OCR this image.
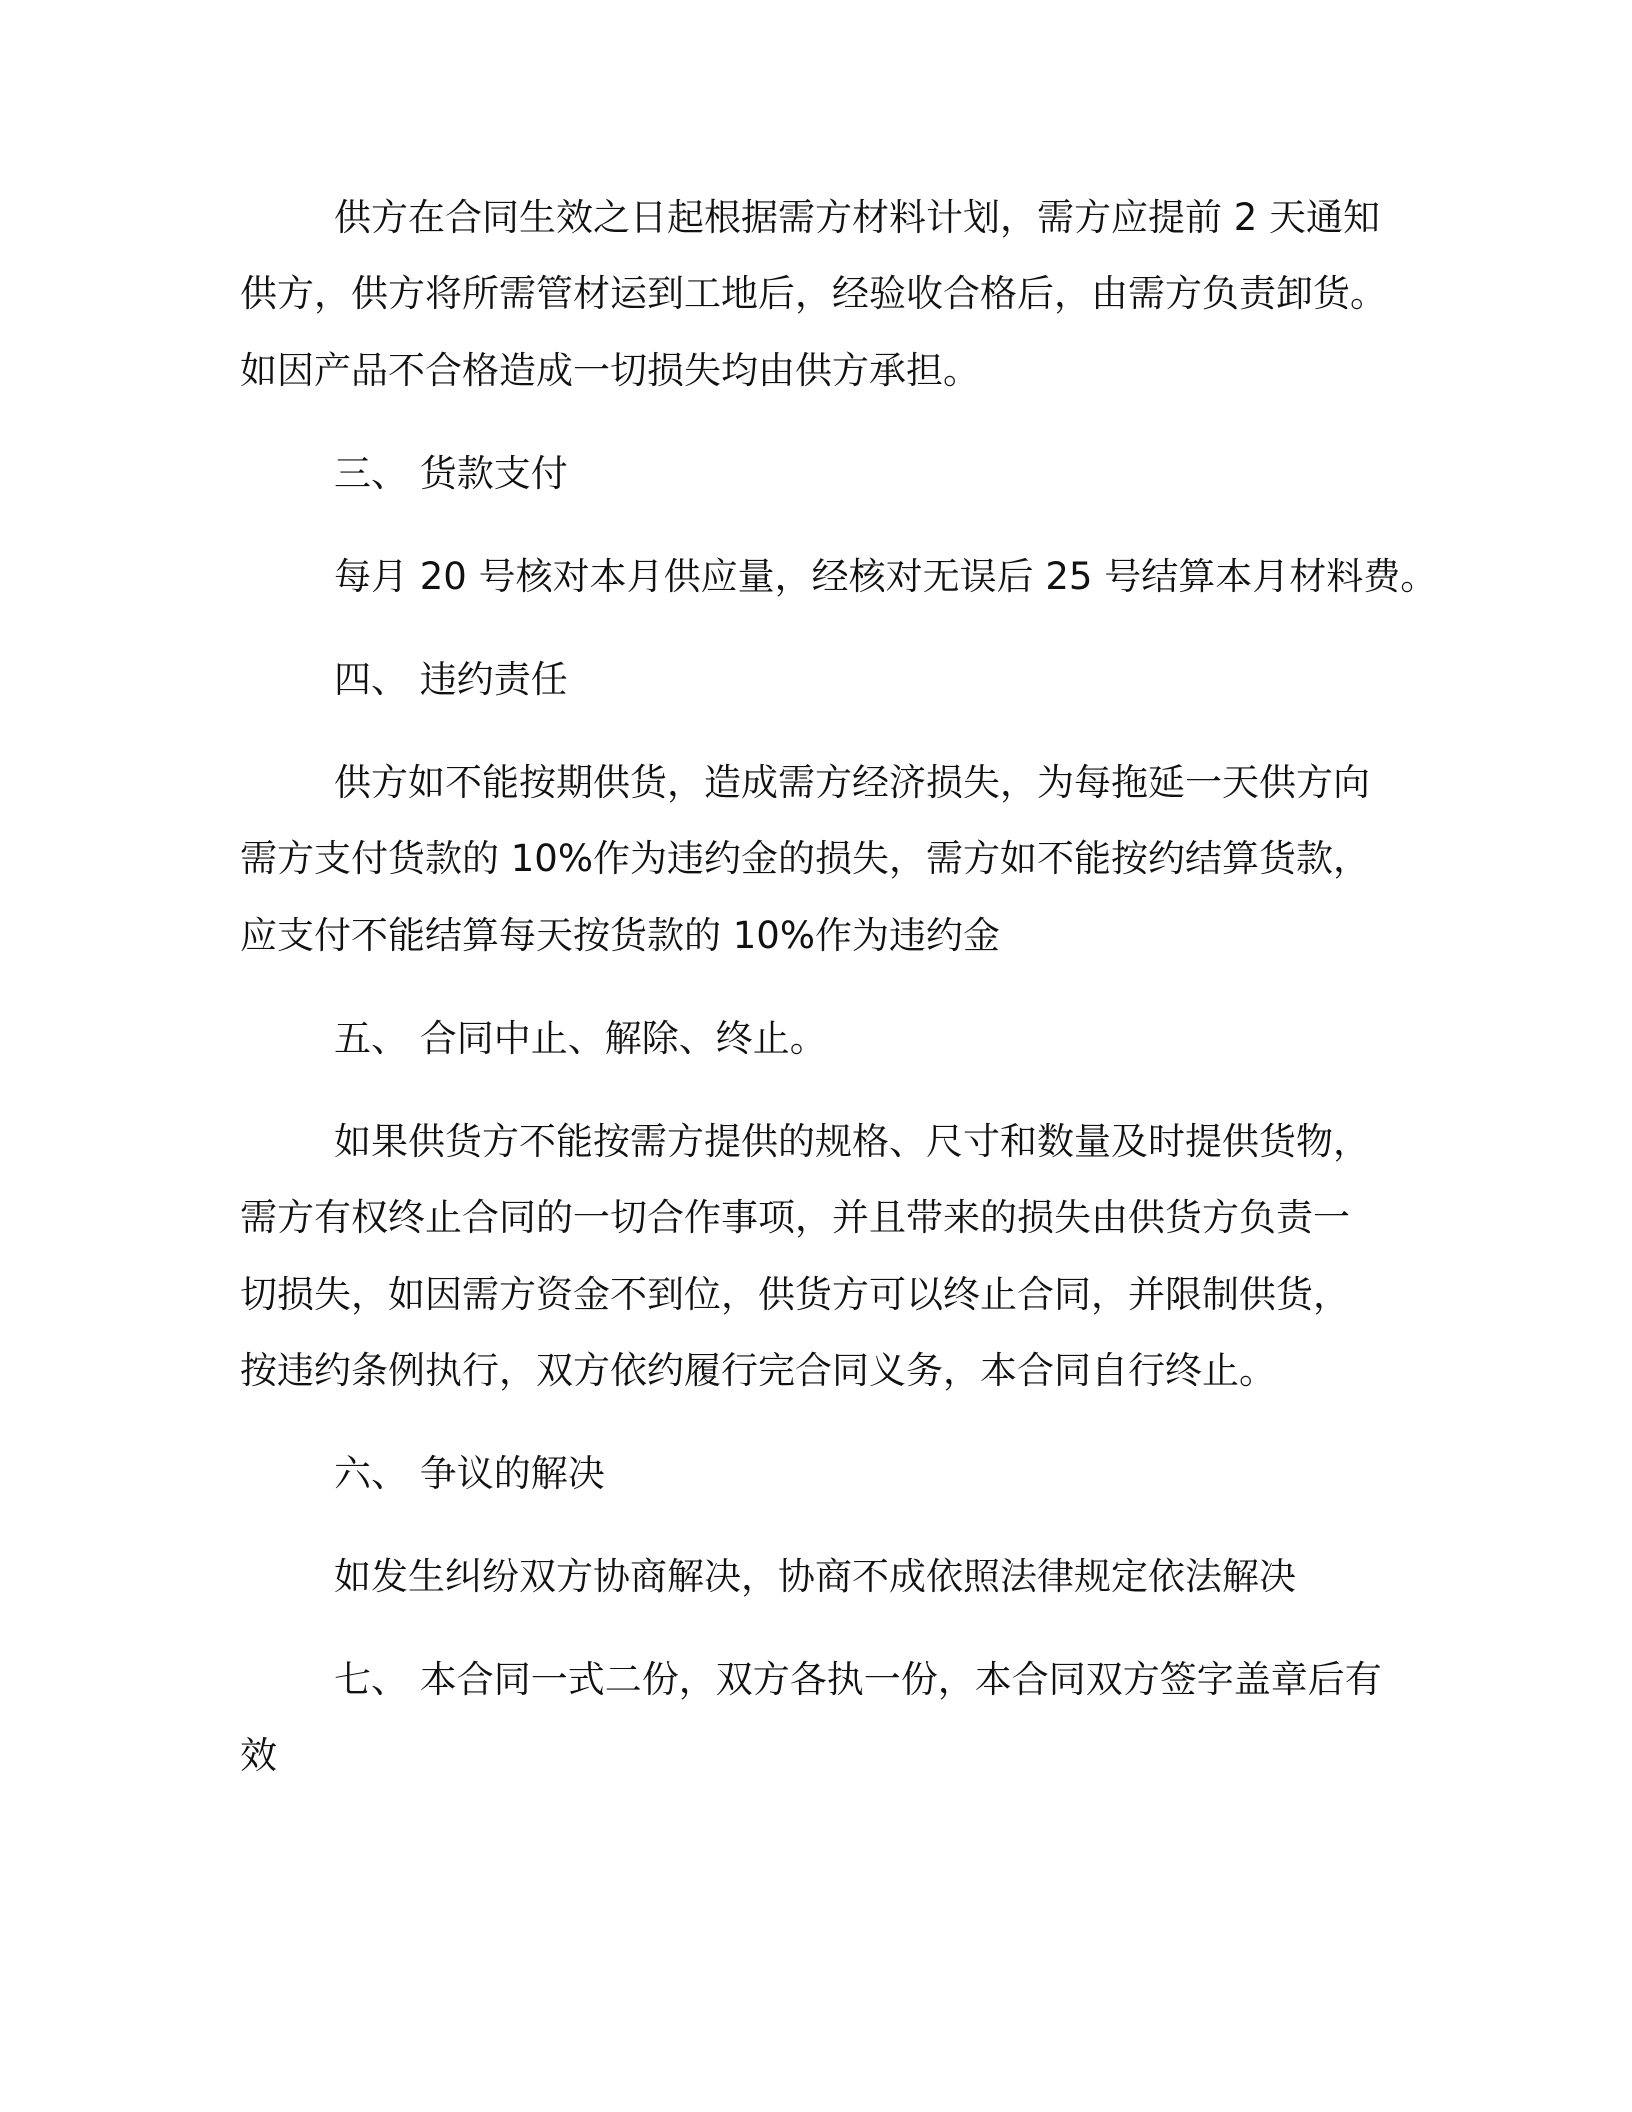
供方在合同生效之日起根据需方材料计划，需方应提前 2 天通知
供方，供方将所需管材运到工地后，经验收合格后，由需方负责卸货。
如因产品不合格造成一切损失均由供方承担。
三、 货款支付
每月 20 号核对本月供应量，经核对无误后 25 号结算本月材料费。
四、 违约责任
供方如不能按期供货，造成需方经济损失，为每拖延一天供方向
需方支付货款的 10%作为违约金的损失，需方如不能按约结算货款，
应支付不能结算每天按货款的 10%作为违约金
五、 合同中止、解除、终止。
如果供货方不能按需方提供的规格、尺寸和数量及时提供货物，
需方有权终止合同的一切合作事项，并且带来的损失由供货方负责一
切损失，如因需方资金不到位，供货方可以终止合同，并限制供货，
按违约条例执行，双方依约履行完合同义务，本合同自行终止。
六、 争议的解决
如发生纠纷双方协商解决，协商不成依照法律规定依法解决
七、 本合同一式二份，双方各执一份，本合同双方签字盖章后有
效
